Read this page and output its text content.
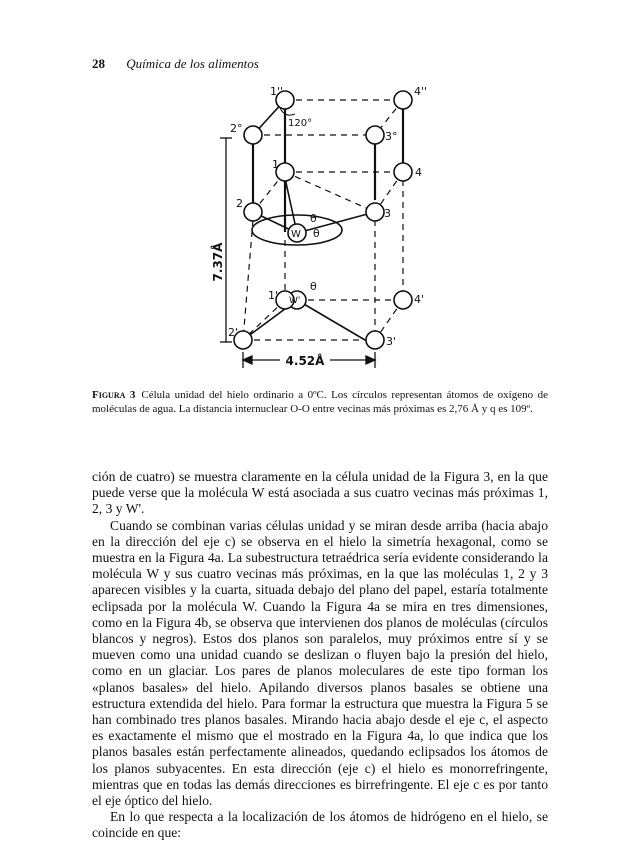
28 Química de los alimentos
1''	4''
2°
3°
1
4
2
3
W
W'
1'	4'
2'
3'
θ
θ
θ
120°
7.37Å
4.52Å
Figura 3 Célula unidad del hielo ordinario a 0ºC. Los círculos representan átomos de oxígeno de moléculas de agua. La distancia internuclear O-O entre vecinas más próximas es 2,76 Å y q es 109º.

ción de cuatro) se muestra claramente en la célula unidad de la Figura 3, en la que puede verse que la molécula W está asociada a sus cuatro vecinas más próximas 1, 2, 3 y W'.

Cuando se combinan varias células unidad y se miran desde arriba (hacia abajo en la dirección del eje c) se observa en el hielo la simetría hexagonal, como se muestra en la Figura 4a. La subestructura tetraédrica sería evidente considerando la molécula W y sus cuatro vecinas más próximas, en la que las moléculas 1, 2 y 3 aparecen visibles y la cuarta, situada debajo del plano del papel, estaría totalmente eclipsada por la molécula W. Cuando la Figura 4a se mira en tres dimensiones, como en la Figura 4b, se observa que intervienen dos planos de moléculas (círculos blancos y negros). Estos dos planos son paralelos, muy próximos entre sí y se mueven como una unidad cuando se deslizan o fluyen bajo la presión del hielo, como en un glaciar. Los pares de planos moleculares de este tipo forman los «planos basales» del hielo. Apilando diversos planos basales se obtiene una estructura extendida del hielo. Para formar la estructura que muestra la Figura 5 se han combinado tres planos basales. Mirando hacia abajo desde el eje c, el aspecto es exactamente el mismo que el mostrado en la Figura 4a, lo que indica que los planos basales están perfectamente alineados, quedando eclipsados los átomos de los planos subyacentes. En esta dirección (eje c) el hielo es monorrefringente, mientras que en todas las demás direcciones es birrefringente. El eje c es por tanto el eje óptico del hielo.

En lo que respecta a la localización de los átomos de hidrógeno en el hielo, se coincide en que:
